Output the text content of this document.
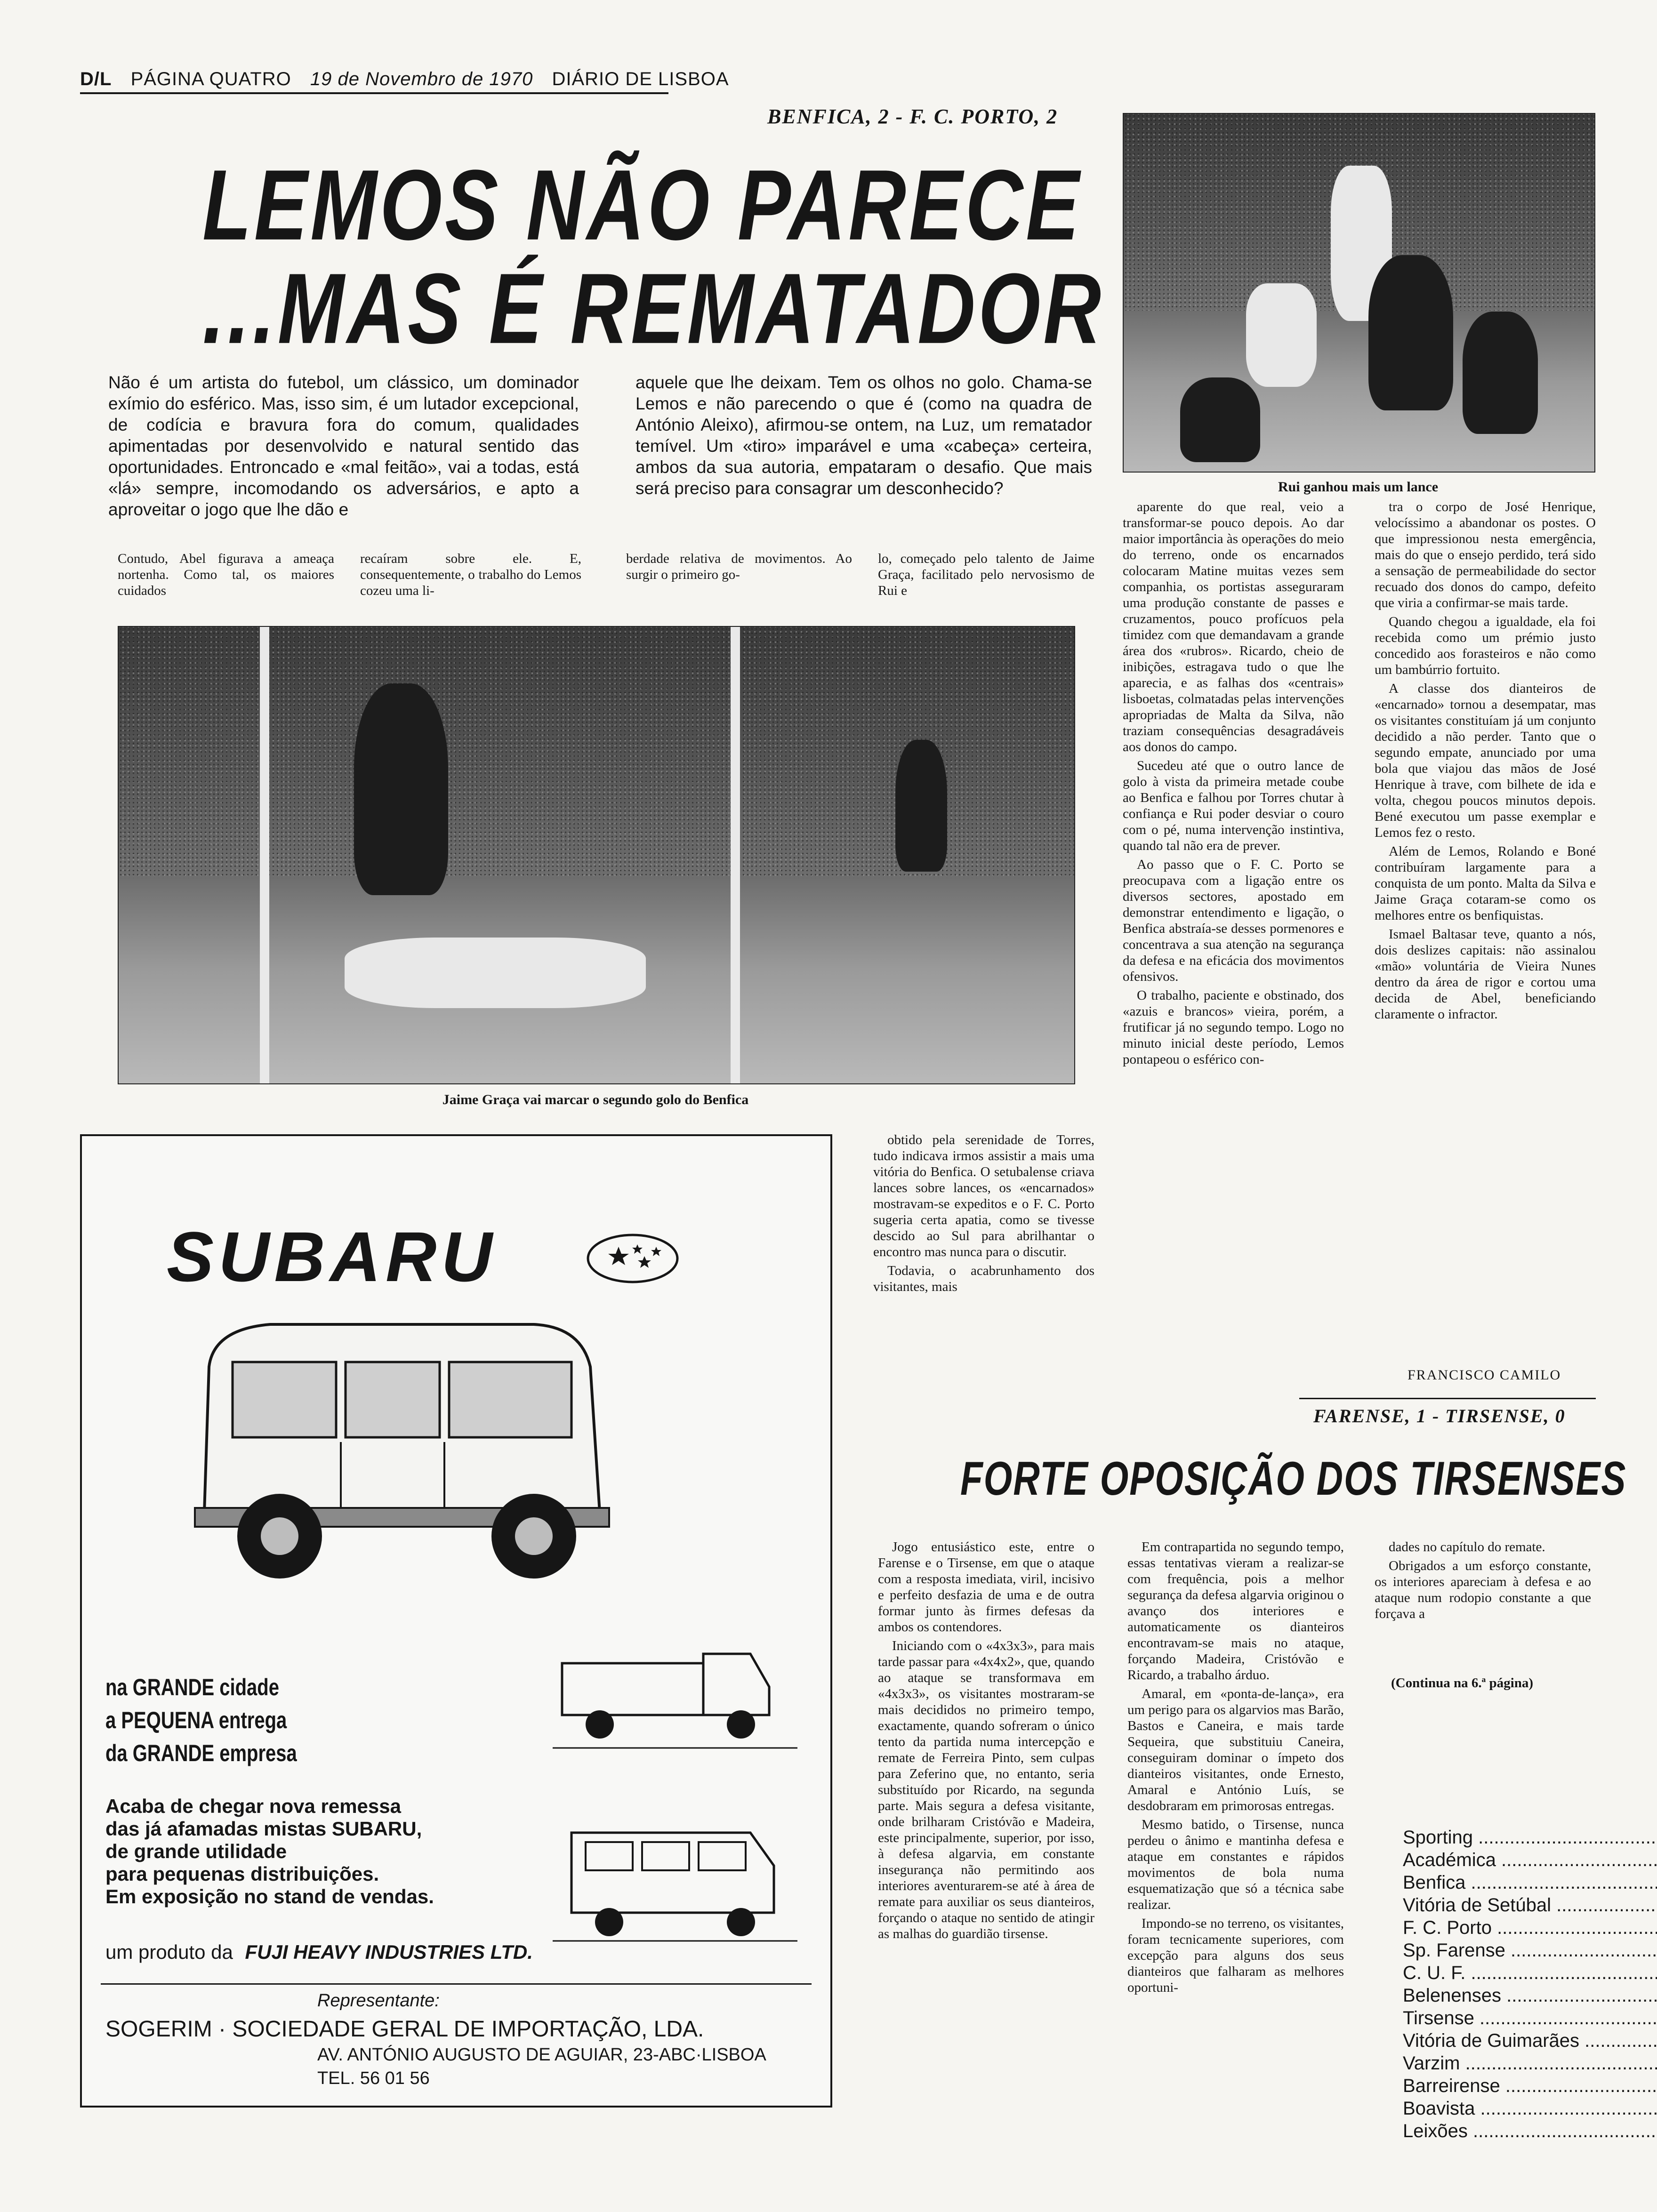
D/L PÁGINA QUATRO 19 de Novembro de 1970 DIÁRIO DE LISBOA
BENFICA, 2 - F. C. PORTO, 2
LEMOS NÃO PARECE
...MAS É REMATADOR
Não é um artista do futebol, um clássico, um dominador exímio do esférico. Mas, isso sim, é um lutador excepcional, de codícia e bravura fora do comum, qualidades apimentadas por desenvolvido e natural sentido das oportunidades. Entroncado e «mal feitão», vai a todas, está «lá» sempre, incomodando os adversários, e apto a aproveitar o jogo que lhe dão e
aquele que lhe deixam. Tem os olhos no golo. Chama-se Lemos e não parecendo o que é (como na quadra de António Aleixo), afirmou-se ontem, na Luz, um rematador temível. Um «tiro» imparável e uma «cabeça» certeira, ambos da sua autoria, empataram o desafio. Que mais será preciso para consagrar um desconhecido?
Contudo, Abel figurava a ameaça nortenha. Como tal, os maiores cuidados
recaíram sobre ele. E, consequentemente, o trabalho do Lemos cozeu uma li-
berdade relativa de movimentos. Ao surgir o primeiro go-
lo, começado pelo talento de Jaime Graça, facilitado pelo nervosismo de Rui e
Rui ganhou mais um lance
Jaime Graça vai marcar o segundo golo do Benfica

aparente do que real, veio a transformar-se pouco depois. Ao dar maior importância às operações do meio do terreno, onde os encarnados colocaram Matine muitas vezes sem companhia, os portistas asseguraram uma produção constante de passes e cruzamentos, pouco profícuos pela timidez com que demandavam a grande área dos «rubros». Ricardo, cheio de inibições, estragava tudo o que lhe aparecia, e as falhas dos «centrais» lisboetas, colmatadas pelas intervenções apropriadas de Malta da Silva, não traziam consequências desagradáveis aos donos do campo.

Sucedeu até que o outro lance de golo à vista da primeira metade coube ao Benfica e falhou por Torres chutar à confiança e Rui poder desviar o couro com o pé, numa intervenção instintiva, quando tal não era de prever.

Ao passo que o F. C. Porto se preocupava com a ligação entre os diversos sectores, apostado em demonstrar entendimento e ligação, o Benfica abstraía-se desses pormenores e concentrava a sua atenção na segurança da defesa e na eficácia dos movimentos ofensivos.

O trabalho, paciente e obstinado, dos «azuis e brancos» vieira, porém, a frutificar já no segundo tempo. Logo no minuto inicial deste período, Lemos pontapeou o esférico con-

tra o corpo de José Henrique, velocíssimo a abandonar os postes. O que impressionou nesta emergência, mais do que o ensejo perdido, terá sido a sensação de permeabilidade do sector recuado dos donos do campo, defeito que viria a confirmar-se mais tarde.

Quando chegou a igualdade, ela foi recebida como um prémio justo concedido aos forasteiros e não como um bambúrrio fortuito.

A classe dos dianteiros de «encarnado» tornou a desempatar, mas os visitantes constituíam já um conjunto decidido a não perder. Tanto que o segundo empate, anunciado por uma bola que viajou das mãos de José Henrique à trave, com bilhete de ida e volta, chegou poucos minutos depois. Bené executou um passe exemplar e Lemos fez o resto.

Além de Lemos, Rolando e Boné contribuíram largamente para a conquista de um ponto. Malta da Silva e Jaime Graça cotaram-se como os melhores entre os benfiquistas.

Ismael Baltasar teve, quanto a nós, dois deslizes capitais: não assinalou «mão» voluntária de Vieira Nunes dentro da área de rigor e cortou uma decida de Abel, beneficiando claramente o infractor.

FRANCISCO CAMILO

obtido pela serenidade de Torres, tudo indicava irmos assistir a mais uma vitória do Benfica. O setubalense criava lances sobre lances, os «encarnados» mostravam-se expeditos e o F. C. Porto sugeria certa apatia, como se tivesse descido ao Sul para abrilhantar o encontro mas nunca para o discutir.

Todavia, o acabrunhamento dos visitantes, mais

FARENSE, 1 - TIRSENSE, 0
FORTE OPOSIÇÃO DOS TIRSENSES

Jogo entusiástico este, entre o Farense e o Tirsense, em que o ataque com a resposta imediata, viril, incisivo e perfeito desfazia de uma e de outra formar junto às firmes defesas da ambos os contendores.

Iniciando com o «4x3x3», para mais tarde passar para «4x4x2», que, quando ao ataque se transformava em «4x3x3», os visitantes mostraram-se mais decididos no primeiro tempo, exactamente, quando sofreram o único tento da partida numa intercepção e remate de Ferreira Pinto, sem culpas para Zeferino que, no entanto, seria substituído por Ricardo, na segunda parte. Mais segura a defesa visitante, onde brilharam Cristóvão e Madeira, este principalmente, superior, por isso, à defesa algarvia, em constante insegurança não permitindo aos interiores aventurarem-se até à área de remate para auxiliar os seus dianteiros, forçando o ataque no sentido de atingir as malhas do guardião tirsense.

Em contrapartida no segundo tempo, essas tentativas vieram a realizar-se com frequência, pois a melhor segurança da defesa algarvia originou o avanço dos interiores e automaticamente os dianteiros encontravam-se mais no ataque, forçando Madeira, Cristóvão e Ricardo, a trabalho árduo.

Amaral, em «ponta-de-lança», era um perigo para os algarvios mas Barão, Bastos e Caneira, e mais tarde Sequeira, que substituiu Caneira, conseguiram dominar o ímpeto dos dianteiros visitantes, onde Ernesto, Amaral e António Luís, se desdobraram em primorosas entregas.

Mesmo batido, o Tirsense, nunca perdeu o ânimo e mantinha defesa e ataque em constantes e rápidos movimentos de bola numa esquematização que só a técnica sabe realizar.

Impondo-se no terreno, os visitantes, foram tecnicamente superiores, com excepção para alguns dos seus dianteiros que falharam as melhores oportuni-

dades no capítulo do remate.

Obrigados a um esforço constante, os interiores apareciam à defesa e ao ataque num rodopio constante a que forçava a

(Continua na 6.ª página)
Sporting .....
Académica .....
Benfica .....
Vitória de Setúbal .....
F. C. Porto .....
Sp. Farense .....
C. U. F. .....
Belenenses .....
Tirsense .....
Vitória de Guimarães .....
Varzim .....
Barreirense .....
Boavista .....
Leixões .....
SUBARU
na GRANDE cidade
a PEQUENA entrega
da GRANDE empresa
Acaba de chegar nova remessa
das já afamadas mistas SUBARU,
de grande utilidade
para pequenas distribuições.
Em exposição no stand de vendas.
um produto da FUJI HEAVY INDUSTRIES LTD.
Representante:
SOGERIM · SOCIEDADE GERAL DE IMPORTAÇÃO, LDA.
AV. ANTÓNIO AUGUSTO DE AGUIAR, 23-ABC·LISBOA
TEL. 56 01 56
